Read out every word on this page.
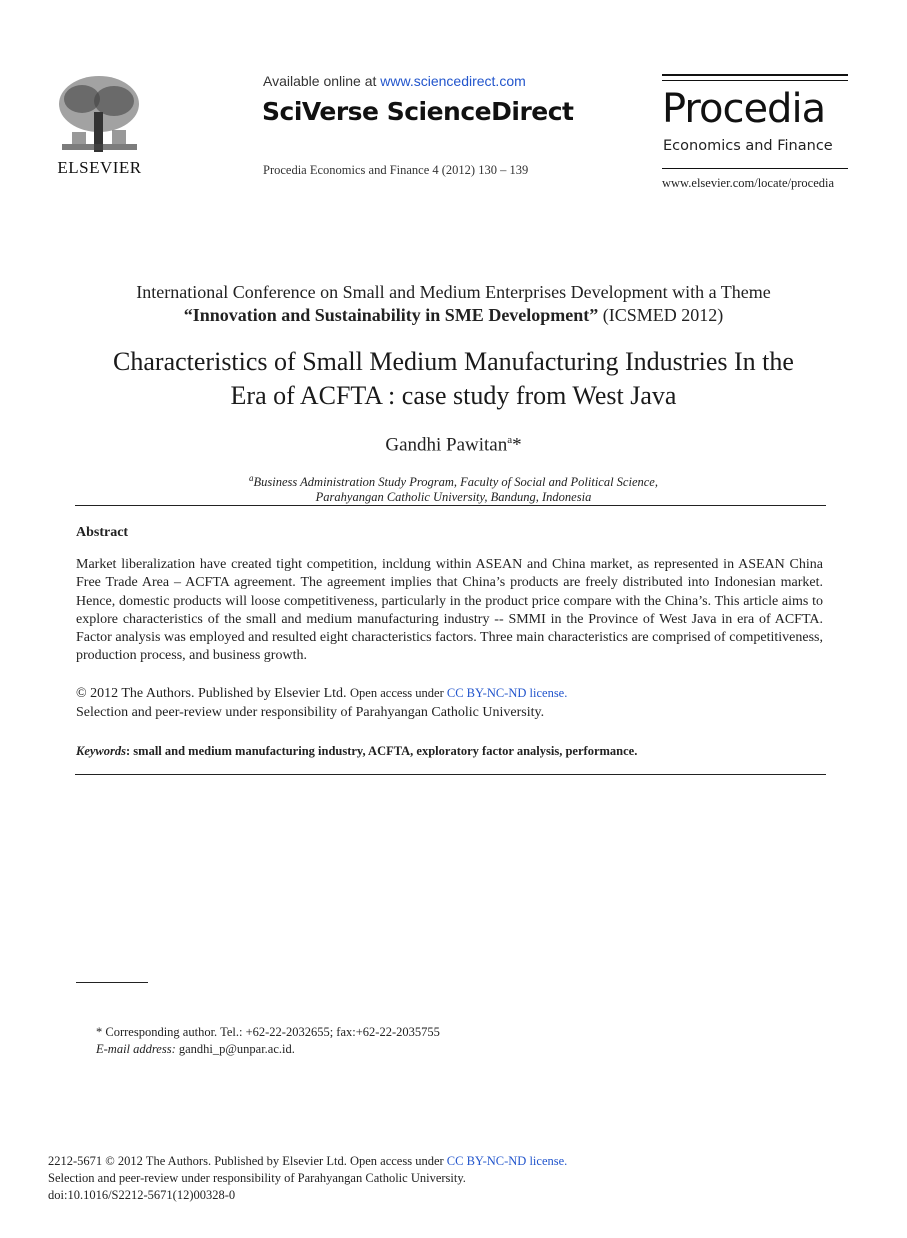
ELSEVIER
Available online at www.sciencedirect.com
SciVerse ScienceDirect
Procedia Economics and Finance 4 (2012) 130 – 139
Procedia
Economics and Finance
www.elsevier.com/locate/procedia
International Conference on Small and Medium Enterprises Development with a Theme
“Innovation and Sustainability in SME Development” (ICSMED 2012)
Characteristics of Small Medium Manufacturing Industries In the
Era of ACFTA : case study from West Java
Gandhi Pawitan$^a$*
$^a$Business Administration Study Program, Faculty of Social and Political Science,
Parahyangan Catholic University, Bandung, Indonesia
Abstract
Market liberalization have created tight competition, incldung within ASEAN and China market, as represented in ASEAN China Free Trade Area – ACFTA agreement. The agreement implies that China’s products are freely distributed into Indonesian market. Hence, domestic products will loose competitiveness, particularly in the product price compare with the China’s. This article aims to explore characteristics of the small and medium manufacturing industry -- SMMI in the Province of West Java in era of ACFTA. Factor analysis was employed and resulted eight characteristics factors. Three main characteristics are comprised of competitiveness, production process, and business growth.
© 2012 The Authors. Published by Elsevier Ltd. Open access under CC BY-NC-ND license.
Selection and peer-review under responsibility of Parahyangan Catholic University.
Keywords: small and medium manufacturing industry, ACFTA, exploratory factor analysis, performance.
* Corresponding author. Tel.: +62-22-2032655; fax:+62-22-2035755
E-mail address: gandhi_p@unpar.ac.id.
2212-5671 © 2012 The Authors. Published by Elsevier Ltd. Open access under CC BY-NC-ND license.
Selection and peer-review under responsibility of Parahyangan Catholic University.
doi:10.1016/S2212-5671(12)00328-0
